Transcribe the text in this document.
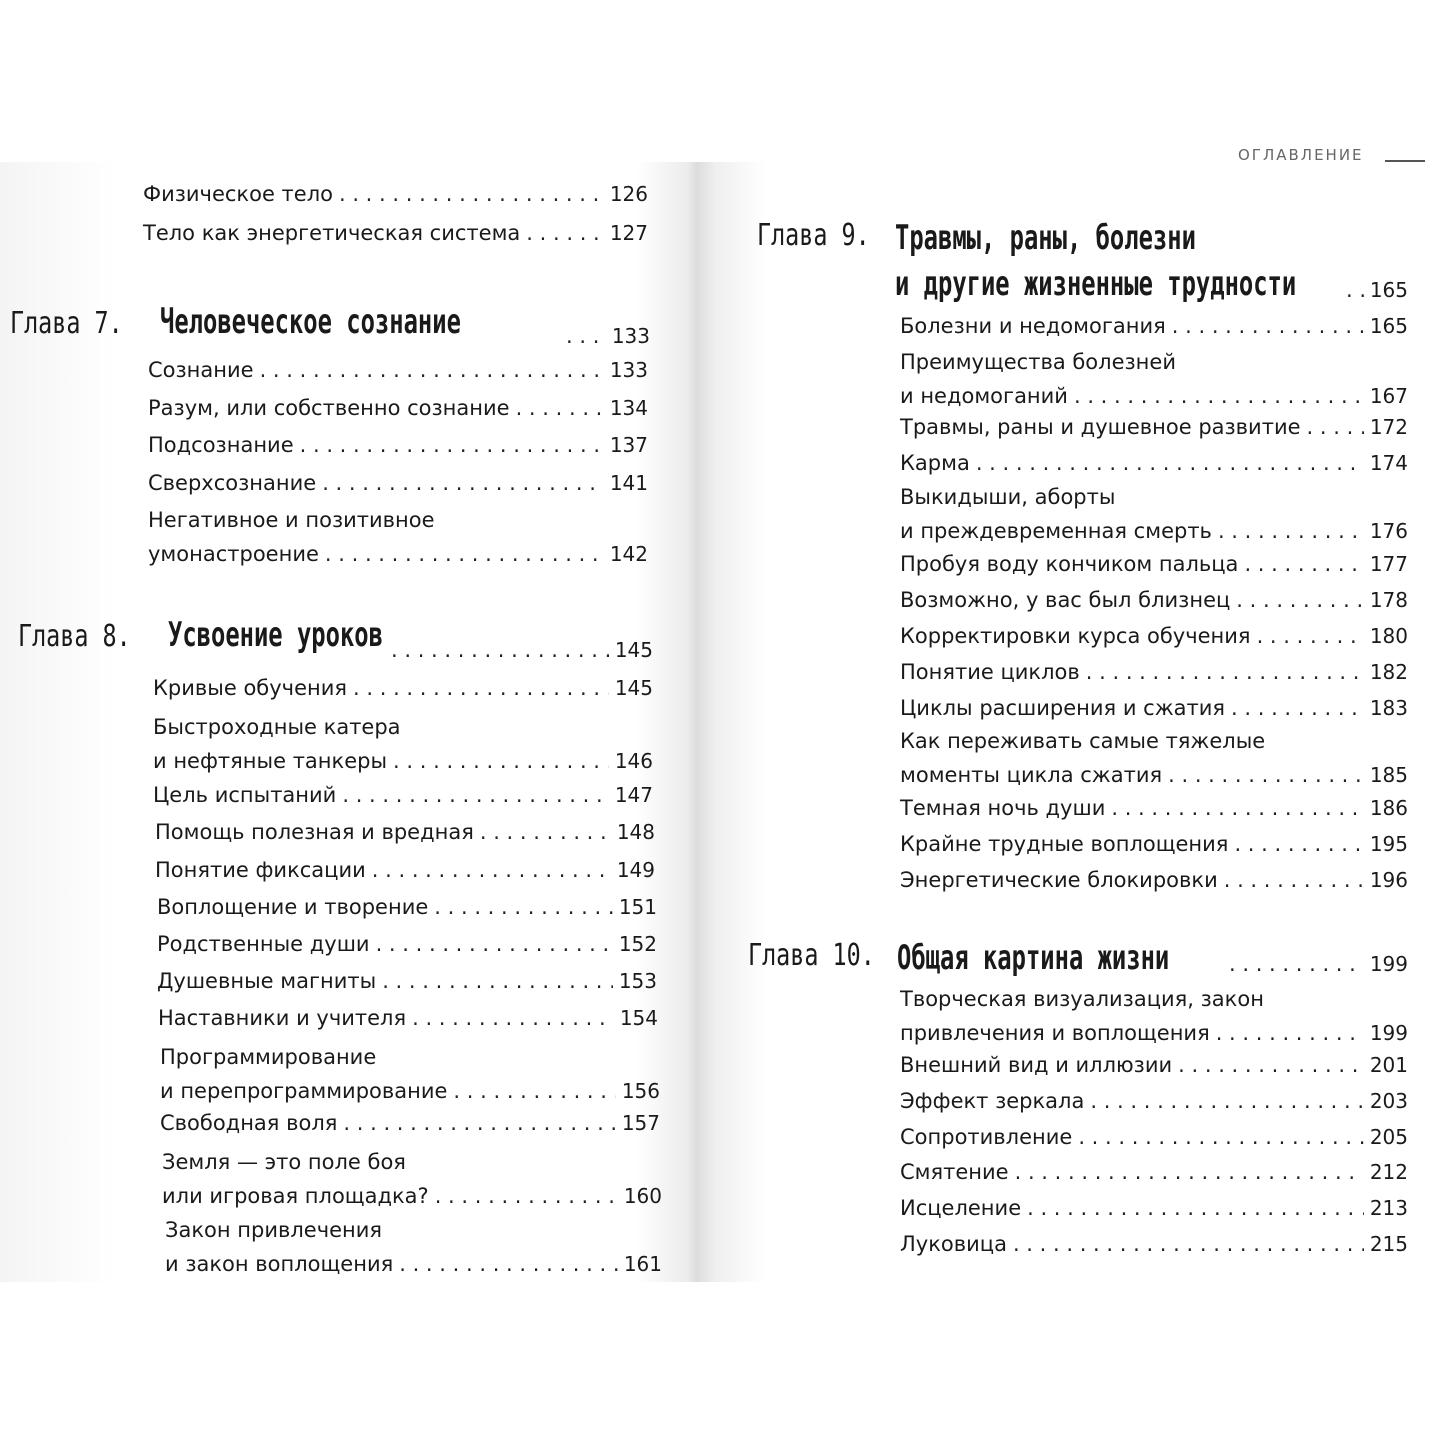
ОГЛАВЛЕНИЕ
Физическое тело . . .	126
Тело как энергетическая система . . .	127
Глава 7. Человеческое сознание . . .	133
Сознание . . .	133
Разум, или собственно сознание . . .	134
Подсознание . . .	137
Сверхсознание . . .	141
Негативное и позитивное
умонастроение . . .	142
Глава 8. Усвоение уроков . . .	145
Кривые обучения . . .	145
Быстроходные катера
и нефтяные танкеры . . .	146
Цель испытаний . . .	147
Помощь полезная и вредная . . .	148
Понятие фиксации . . .	149
Воплощение и творение . . .	151
Родственные души . . .	152
Душевные магниты . . .	153
Наставники и учителя . . .	154
Программирование
и перепрограммирование . . .	156
Свободная воля . . .	157
Земля — это поле боя
или игровая площадка? . . .	160
Закон привлечения
и закон воплощения . . .	161
Глава 9. Травмы, раны, болезни
и другие жизненные трудности . . .	165
Болезни и недомогания . . .	165
Преимущества болезней
и недомоганий . . .	167
Травмы, раны и душевное развитие . . .	172
Карма . . .	174
Выкидыши, аборты
и преждевременная смерть . . .	176
Пробуя воду кончиком пальца . . .	177
Возможно, у вас был близнец . . .	178
Корректировки курса обучения . . .	180
Понятие циклов . . .	182
Циклы расширения и сжатия . . .	183
Как переживать самые тяжелые
моменты цикла сжатия . . .	185
Темная ночь души . . .	186
Крайне трудные воплощения . . .	195
Энергетические блокировки . . .	196
Глава 10. Общая картина жизни . . .	199
Творческая визуализация, закон
привлечения и воплощения . . .	199
Внешний вид и иллюзии . . .	201
Эффект зеркала . . .	203
Сопротивление . . .	205
Смятение . . .	212
Исцеление . . .	213
Луковица . . .	215
